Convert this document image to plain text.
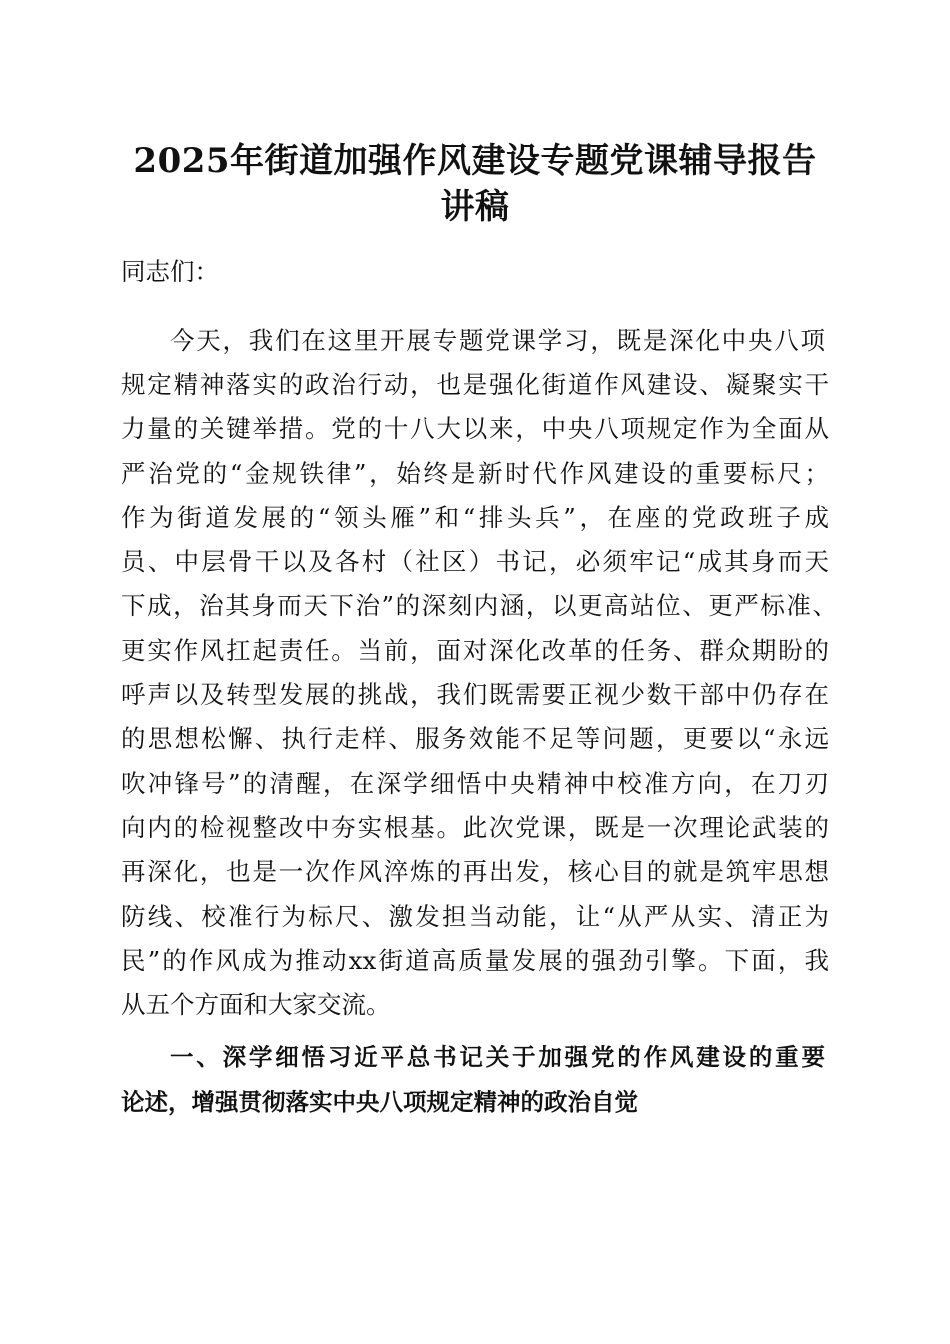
2025年街道加强作风建设专题党课辅导报告
讲稿
同志们：
今天，我们在这里开展专题党课学习，既是深化中央八项
规定精神落实的政治行动，也是强化街道作风建设、凝聚实干
力量的关键举措。党的十八大以来，中央八项规定作为全面从
严治党的“金规铁律”，始终是新时代作风建设的重要标尺；
作为街道发展的“领头雁”和“排头兵”，在座的党政班子成
员、中层骨干以及各村（社区）书记，必须牢记“成其身而天
下成，治其身而天下治”的深刻内涵，以更高站位、更严标准、
更实作风扛起责任。当前，面对深化改革的任务、群众期盼的
呼声以及转型发展的挑战，我们既需要正视少数干部中仍存在
的思想松懈、执行走样、服务效能不足等问题，更要以“永远
吹冲锋号”的清醒，在深学细悟中央精神中校准方向，在刀刃
向内的检视整改中夯实根基。此次党课，既是一次理论武装的
再深化，也是一次作风淬炼的再出发，核心目的就是筑牢思想
防线、校准行为标尺、激发担当动能，让“从严从实、清正为
民”的作风成为推动xx街道高质量发展的强劲引擎。下面，我
从五个方面和大家交流。
一、深学细悟习近平总书记关于加强党的作风建设的重要
论述，增强贯彻落实中央八项规定精神的政治自觉
